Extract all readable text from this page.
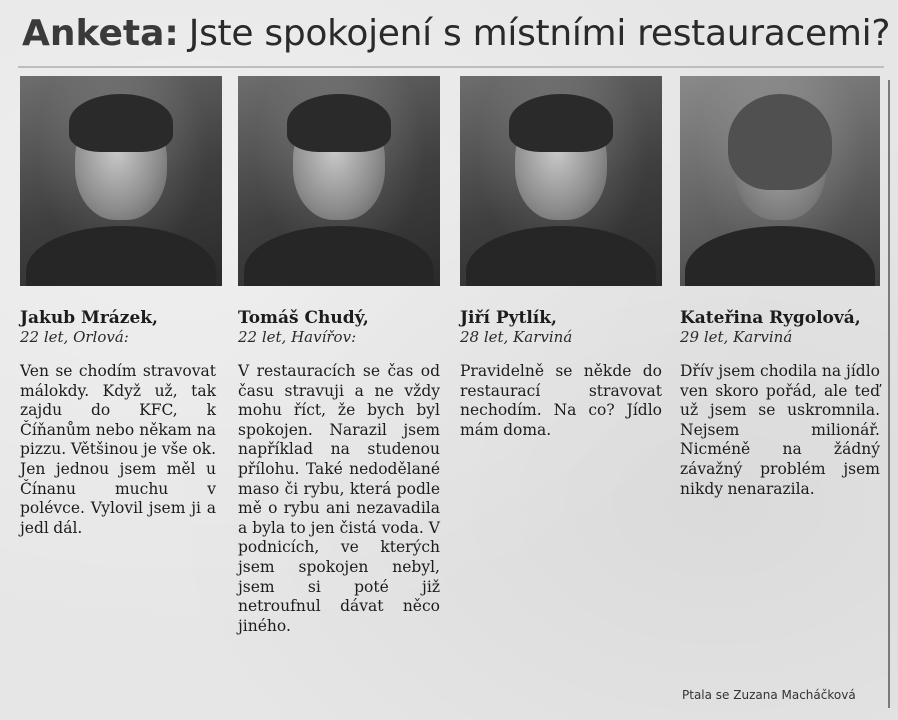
Anketa: Jste spokojení s místními restauracemi?
Jakub Mrázek,
22 let, Orlová:
Ven se chodím stravovat málokdy. Když už, tak zajdu do KFC, k Číňanům nebo někam na pizzu. Většinou je vše ok. Jen jednou jsem měl u Čínanu muchu v polévce. Vylovil jsem ji a jedl dál.
Tomáš Chudý,
22 let, Havířov:
V restauracích se čas od času stravuji a ne vždy mohu říct, že bych byl spokojen. Narazil jsem například na studenou přílohu. Také nedodělané maso či rybu, která podle mě o rybu ani nezavadila a byla to jen čistá voda. V podnicích, ve kterých jsem spokojen nebyl, jsem si poté již netroufnul dávat něco jiného.
Jiří Pytlík,
28 let, Karviná
Pravidelně se někde do restaurací stravovat nechodím. Na co? Jídlo mám doma.
Kateřina Rygolová,
29 let, Karviná
Dřív jsem chodila na jídlo ven skoro pořád, ale teď už jsem se uskromnila. Nejsem milionář. Nicméně na žádný závažný problém jsem nikdy nenarazila.
Ptala se Zuzana Macháčková
